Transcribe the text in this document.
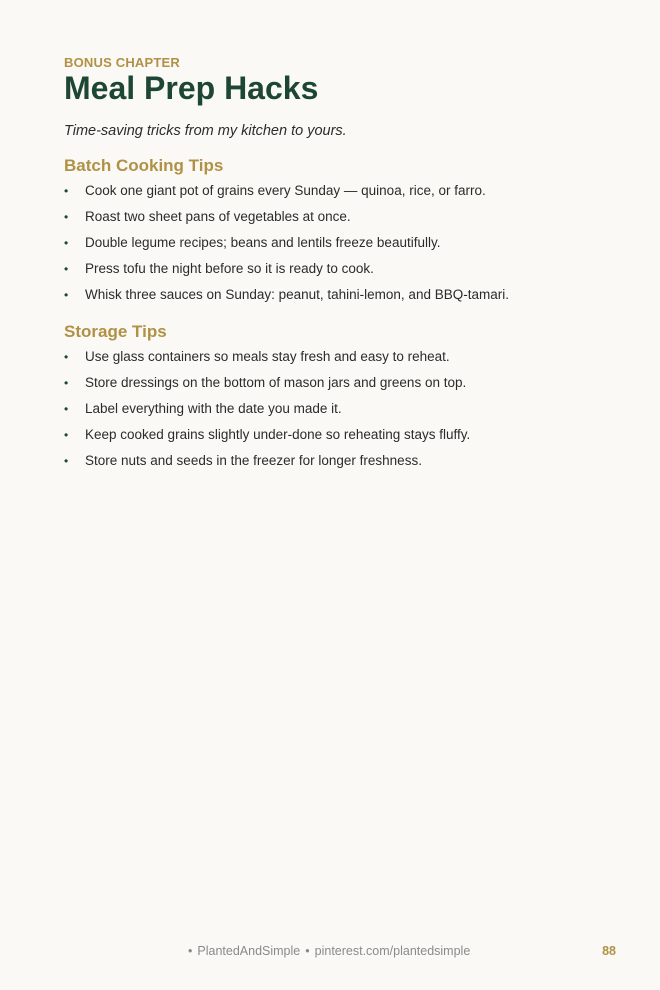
BONUS CHAPTER
Meal Prep Hacks
Time-saving tricks from my kitchen to yours.
Batch Cooking Tips
• Cook one giant pot of grains every Sunday — quinoa, rice, or farro.
• Roast two sheet pans of vegetables at once.
• Double legume recipes; beans and lentils freeze beautifully.
• Press tofu the night before so it is ready to cook.
• Whisk three sauces on Sunday: peanut, tahini-lemon, and BBQ-tamari.
Storage Tips
• Use glass containers so meals stay fresh and easy to reheat.
• Store dressings on the bottom of mason jars and greens on top.
• Label everything with the date you made it.
• Keep cooked grains slightly under-done so reheating stays fluffy.
• Store nuts and seeds in the freezer for longer freshness.
• PlantedAndSimple • pinterest.com/plantedsimple	88
